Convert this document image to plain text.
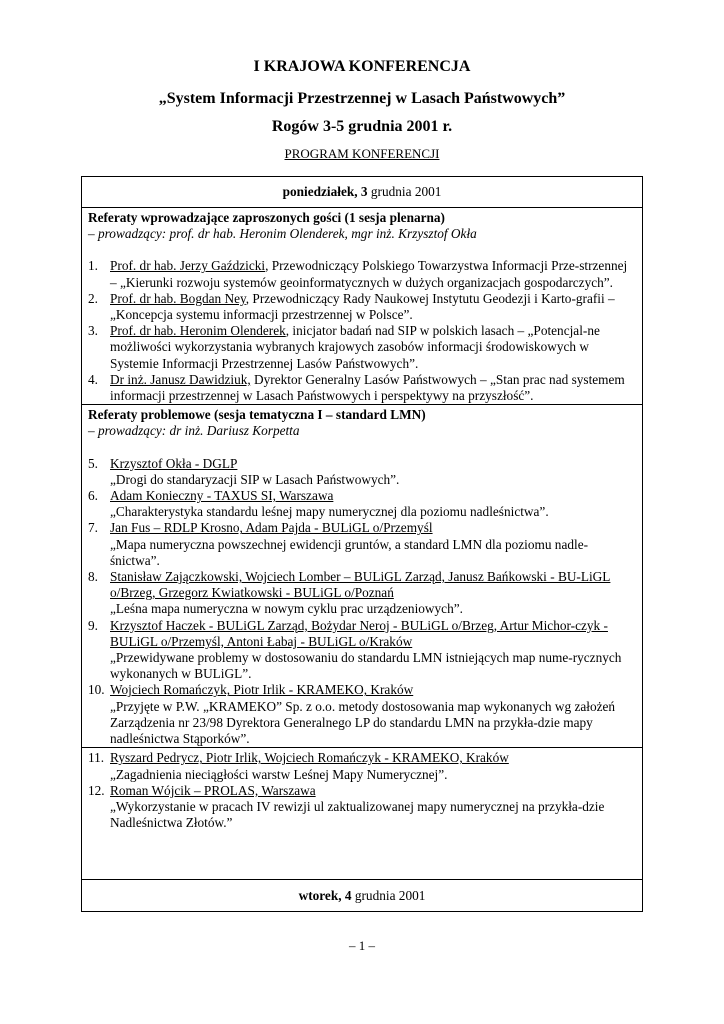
I KRAJOWA KONFERENCJA
„System Informacji Przestrzennej w Lasach Państwowych”
Rogów 3-5 grudnia 2001 r.
PROGRAM KONFERENCJI
poniedziałek, 3 grudnia 2001
Referaty wprowadzające zaproszonych gości (1 sesja plenarna)
– prowadzący: prof. dr hab. Heronim Olenderek, mgr inż. Krzysztof Okła
1. Prof. dr hab. Jerzy Gaździcki, Przewodniczący Polskiego Towarzystwa Informacji Prze-strzennej – „Kierunki rozwoju systemów geoinformatycznych w dużych organizacjach gospodarczych”.
2. Prof. dr hab. Bogdan Ney, Przewodniczący Rady Naukowej Instytutu Geodezji i Karto-grafii – „Koncepcja systemu informacji przestrzennej w Polsce”.
3. Prof. dr hab. Heronim Olenderek, inicjator badań nad SIP w polskich lasach – „Potencjal-ne możliwości wykorzystania wybranych krajowych zasobów informacji środowiskowych w Systemie Informacji Przestrzennej Lasów Państwowych”.
4. Dr inż. Janusz Dawidziuk, Dyrektor Generalny Lasów Państwowych – „Stan prac nad systemem informacji przestrzennej w Lasach Państwowych i perspektywy na przyszłość”.
Referaty problemowe (sesja tematyczna I – standard LMN)
– prowadzący: dr inż. Dariusz Korpetta
5. Krzysztof Okła - DGLP
„Drogi do standaryzacji SIP w Lasach Państwowych”.
6. Adam Konieczny - TAXUS SI, Warszawa
„Charakterystyka standardu leśnej mapy numerycznej dla poziomu nadleśnictwa”.
7. Jan Fus – RDLP Krosno, Adam Pajda - BULiGL o/Przemyśl
„Mapa numeryczna powszechnej ewidencji gruntów, a standard LMN dla poziomu nadle-śnictwa”.
8. Stanisław Zajączkowski, Wojciech Lomber – BULiGL Zarząd, Janusz Bańkowski - BU-LiGL o/Brzeg, Grzegorz Kwiatkowski - BULiGL o/Poznań
„Leśna mapa numeryczna w nowym cyklu prac urządzeniowych”.
9. Krzysztof Haczek - BULiGL Zarząd, Bożydar Neroj - BULiGL o/Brzeg, Artur Michor-czyk - BULiGL o/Przemyśl, Antoni Łabaj - BULiGL o/Kraków
„Przewidywane problemy w dostosowaniu do standardu LMN istniejących map nume-rycznych wykonanych w BULiGL”.
10. Wojciech Romańczyk, Piotr Irlik - KRAMEKO, Kraków
„Przyjęte w P.W. „KRAMEKO” Sp. z o.o. metody dostosowania map wykonanych wg założeń Zarządzenia nr 23/98 Dyrektora Generalnego LP do standardu LMN na przykła-dzie mapy nadleśnictwa Stąporków”.
11. Ryszard Pedrycz, Piotr Irlik, Wojciech Romańczyk - KRAMEKO, Kraków
„Zagadnienia nieciągłości warstw Leśnej Mapy Numerycznej”.
12. Roman Wójcik – PROLAS, Warszawa
„Wykorzystanie w pracach IV rewizji ul zaktualizowanej mapy numerycznej na przykła-dzie Nadleśnictwa Złotów.”
wtorek, 4 grudnia 2001
– 1 –
